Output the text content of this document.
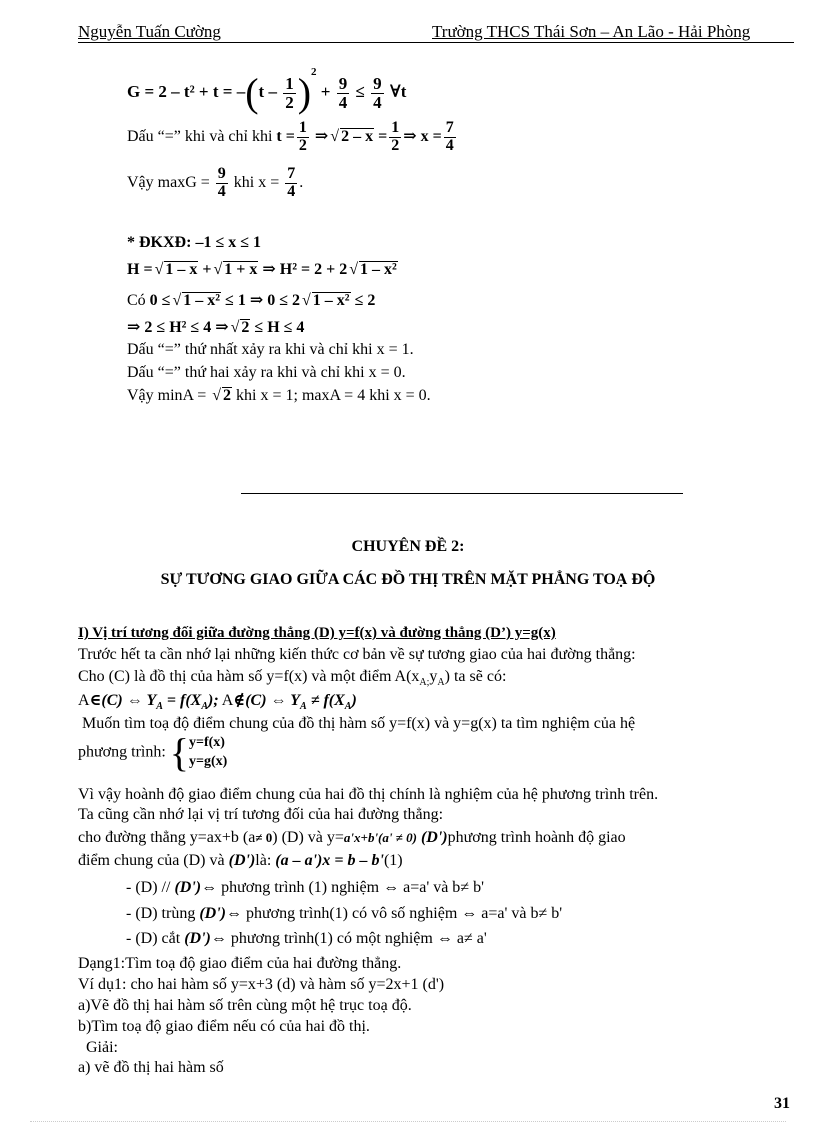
Nguyễn Tuấn Cường	Trường THCS Thái Sơn – An Lão - Hải Phòng
$G = 2 - t^2 + t = -(t - \frac{1}{2} )^2 + \frac{9}{4} \le \frac{9}{4}$ ∀t
Dấu “=” khi và chỉ khi $t = \frac{1}{2}$ ⇒ √ $2 - x = \frac{1}{2}$ ⇒ $x = \frac{7}{4}$
Vậy $\max G = \frac{9}{4}$ khi $x = \frac{7}{4}$ .
* ĐKXĐ: –1 ≤ x ≤ 1
H = √ 1 – x + √ 1 + x ⇒ H² = 2 + 2 √ 1 – x²
Có 0 ≤ √ 1 – x² ≤ 1 ⇒ 0 ≤ 2 √ 1 – x² ≤ 2
⇒ 2 ≤ H² ≤ 4 ⇒ √ 2 ≤ H ≤ 4
Dấu “=” thứ nhất xảy ra khi và chỉ khi x = 1.
Dấu “=” thứ hai xảy ra khi và chỉ khi x = 0.
Vậy minA = √ 2 khi x = 1; maxA = 4 khi x = 0.
CHUYÊN ĐỀ 2:
SỰ TƯƠNG GIAO GIỮA CÁC ĐỒ THỊ TRÊN MẶT PHẲNG TOẠ ĐỘ
I) Vị trí tương đối giữa đường thẳng (D) y=f(x) và đường thẳng (D’) y=g(x)
Trước hết ta cần nhớ lại những kiến thức cơ bản về sự tương giao của hai đường thẳng:
Cho (C) là đồ thị của hàm số y=f(x) và một điểm $A(x_{A;}y_A)$ ta sẽ có:
A∈(C) ⇔ $Y_A = f(X_A)$; A∉(C) ⇔ $Y_A \ne f(X_A)$
Muốn tìm toạ độ điểm chung của đồ thị hàm số y=f(x) và y=g(x) ta tìm nghiệm của hệ
phương trình: {y=f(x)
y=g(x)
Vì vậy hoành độ giao điểm chung của hai đồ thị chính là nghiệm của hệ phương trình trên.
Ta cũng cần nhớ lại vị trí tương đối của hai đường thẳng:
cho đường thẳng y=ax+b (a≠ 0) (D) và y=a'x+b'(a' ≠ 0) (D')phương trình hoành độ giao
điểm chung của (D) và (D')là: (a – a')x = b – b'(1)
- (D) // (D')⇔ phương trình (1) nghiệm ⇔ a=a' và b≠ b'
- (D) trùng (D')⇔ phương trình(1) có vô số nghiệm ⇔ a=a' và b≠ b'
- (D) cắt (D')⇔ phương trình(1) có một nghiệm ⇔ a≠ a'
Dạng1:Tìm toạ độ giao điểm của hai đường thẳng.
Ví dụ1: cho hai hàm số y=x+3 (d) và hàm số y=2x+1 (d')
a)Vẽ đồ thị hai hàm số trên cùng một hệ trục toạ độ.
b)Tìm toạ độ giao điểm nếu có của hai đồ thị.
Giải:
a) vẽ đồ thị hai hàm số
31
